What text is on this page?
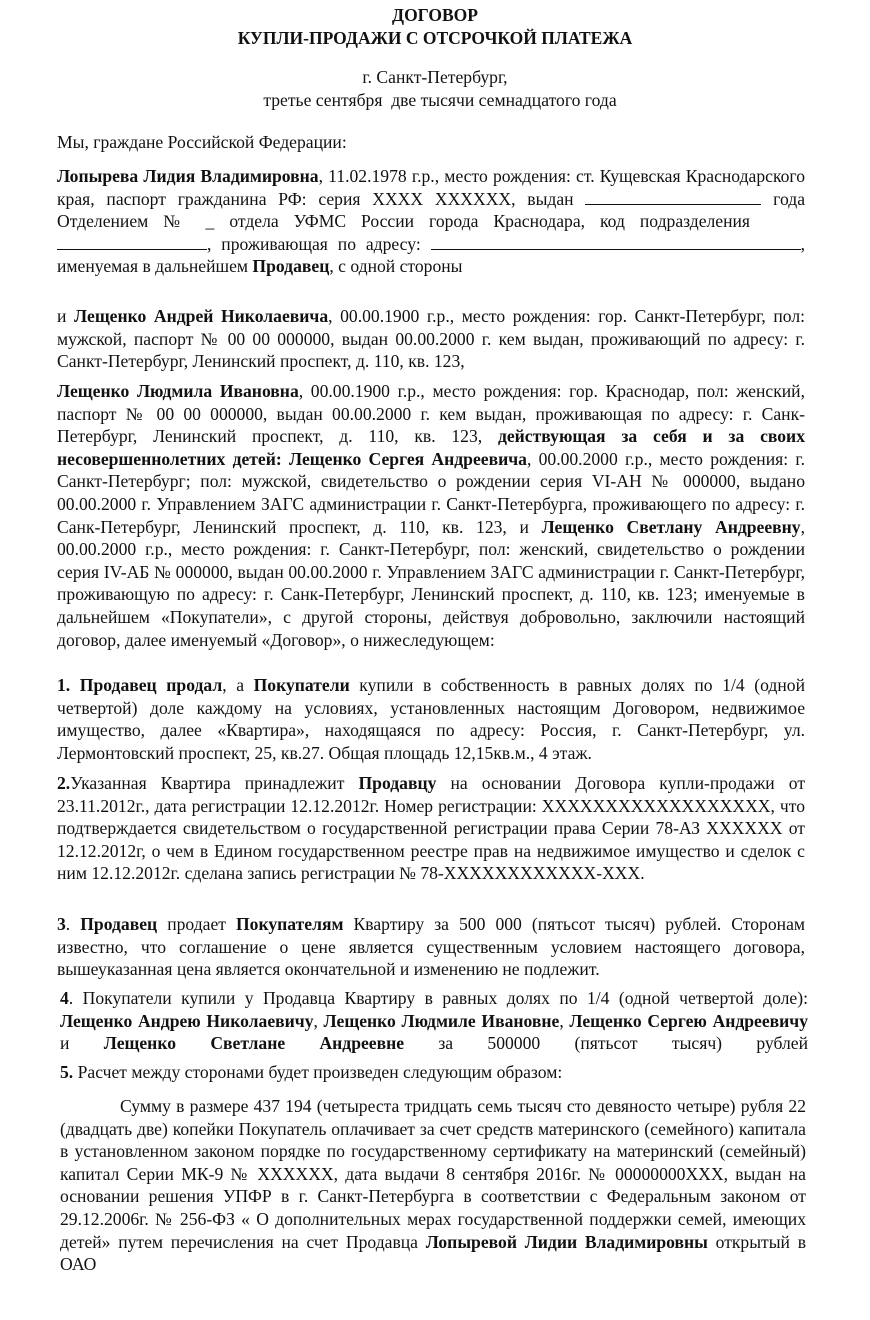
ДОГОВОР
КУПЛИ-ПРОДАЖИ С ОТСРОЧКОЙ ПЛАТЕЖА
г. Санкт-Петербург,
третье сентября  две тысячи семнадцатого года

Мы, граждане Российской Федерации:

Лопырева Лидия Владимировна, 11.02.1978 г.р., место рождения: ст. Кущевская Краснодарского края, паспорт гражданина РФ: серия XXXX XXXXXX, выдан	года Отделением № _ отдела УФМС России города Краснодара, код подразделения , проживающая по адресу:	, именуемая в дальнейшем Продавец, с одной стороны

и Лещенко Андрей Николаевича, 00.00.1900 г.р., место рождения: гор. Санкт-Петербург, пол: мужской, паспорт № 00 00 000000, выдан 00.00.2000 г. кем выдан, проживающий по адресу: г. Санкт-Петербург, Ленинский проспект, д. 110, кв. 123,

Лещенко Людмила Ивановна, 00.00.1900 г.р., место рождения: гор. Краснодар, пол: женский, паспорт № 00 00 000000, выдан 00.00.2000 г. кем выдан, проживающая по адресу: г. Санк-Петербург, Ленинский проспект, д. 110, кв. 123, действующая за себя и за своих несовершеннолетних детей: Лещенко Сергея Андреевича, 00.00.2000 г.р., место рождения: г. Санкт-Петербург; пол: мужской, свидетельство о рождении серия VI-АН № 000000, выдано 00.00.2000 г. Управлением ЗАГС администрации г. Санкт-Петербурга, проживающего по адресу: г. Санк-Петербург, Ленинский проспект, д. 110, кв. 123, и Лещенко Светлану Андреевну, 00.00.2000 г.р., место рождения: г. Санкт-Петербург, пол: женский, свидетельство о рождении серия IV-АБ № 000000, выдан 00.00.2000 г. Управлением ЗАГС администрации г. Санкт-Петербург, проживающую по адресу: г. Санк-Петербург, Ленинский проспект, д. 110, кв. 123; именуемые в дальнейшем «Покупатели», с другой стороны, действуя добровольно, заключили настоящий договор, далее именуемый «Договор», о нижеследующем:

1. Продавец продал, а Покупатели купили в собственность в равных долях по 1/4 (одной четвертой) доле каждому на условиях, установленных настоящим Договором, недвижимое имущество, далее «Квартира», находящаяся по адресу: Россия, г. Санкт-Петербург, ул. Лермонтовский проспект, 25, кв.27. Общая площадь 12,15кв.м., 4 этаж.

2.Указанная Квартира принадлежит Продавцу на основании Договора купли-продажи от 23.11.2012г., дата регистрации 12.12.2012г. Номер регистрации: XXXXXXXXXXXXXXXXXX, что подтверждается свидетельством о государственной регистрации права Серии 78-АЗ XXXXXX от 12.12.2012г, о чем в Едином государственном реестре прав на недвижимое имущество и сделок с ним 12.12.2012г. сделана запись регистрации № 78-XXXXXXXXXXXX-XXX.

3. Продавец продает Покупателям Квартиру за 500 000 (пятьсот тысяч) рублей. Сторонам известно, что соглашение о цене является существенным условием настоящего договора, вышеуказанная цена является окончательной и изменению не подлежит.

4. Покупатели купили у Продавца Квартиру в равных долях по 1/4 (одной четвертой доле): Лещенко Андрею Николаевичу, Лещенко Людмиле Ивановне, Лещенко Сергею Андреевичу и Лещенко Светлане Андреевне за 500000 (пятьсот тысяч) рублей

5. Расчет между сторонами будет произведен следующим образом:

Сумму в размере 437 194 (четыреста тридцать семь тысяч сто девяносто четыре) рубля 22 (двадцать две) копейки Покупатель оплачивает за счет средств материнского (семейного) капитала в установленном законом порядке по государственному сертификату на материнский (семейный) капитал Серии МК-9 № XXXXXX, дата выдачи 8 сентября 2016г. № 00000000XXX, выдан на основании решения УПФР в г. Санкт-Петербурга в соответствии с Федеральным законом от 29.12.2006г. № 256-ФЗ « О дополнительных мерах государственной поддержки семей, имеющих детей» путем перечисления на счет Продавца Лопыревой Лидии Владимировны открытый в ОАО
